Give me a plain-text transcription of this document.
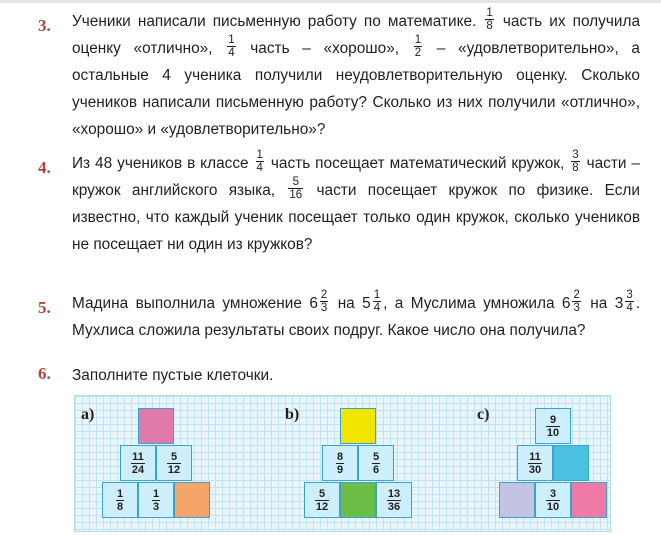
3.	Ученики написали письменную работу по математике. $\frac{1}{8}$ часть их получила оценку «отлично», $\frac{1}{4}$ часть – «хорошо», $\frac{1}{2}$ – «удовлетворительно», а остальные 4 ученика получили неудовлетворительную оценку. Сколько учеников написали письменную работу? Сколько из них получили «отлично», «хорошо» и «удовлетворительно»?

4.	Из 48 учеников в классе $\frac{1}{4}$ часть посещает математический кружок, $\frac{3}{8}$ части – кружок английского языка, $\frac{5}{16}$ части посещает кружок по физике. Если известно, что каждый ученик посещает только один кружок, сколько учеников не посещает ни один из кружков?

5.	Мадина выполнила умножение $6 \frac{2}{3}$ на $5 \frac{1}{4}$ , а Муслима умножила $6 \frac{2}{3}$ на $3 \frac{3}{4}$ . Мухлиса сложила результаты своих подруг. Какое число она получила?

6.	Заполните пустые клеточки.

a)	b)	c)
$\frac{11}{24} \frac{5}{12}$
$\frac{1}{8}$	$\frac{1}{3}$
$\frac{8}{9}$	$\frac{5}{6}$
$\frac{5}{12}$	$\frac{13}{36}$
$\frac{9}{10}$
$\frac{11}{30}$
$\frac{3}{10}$
